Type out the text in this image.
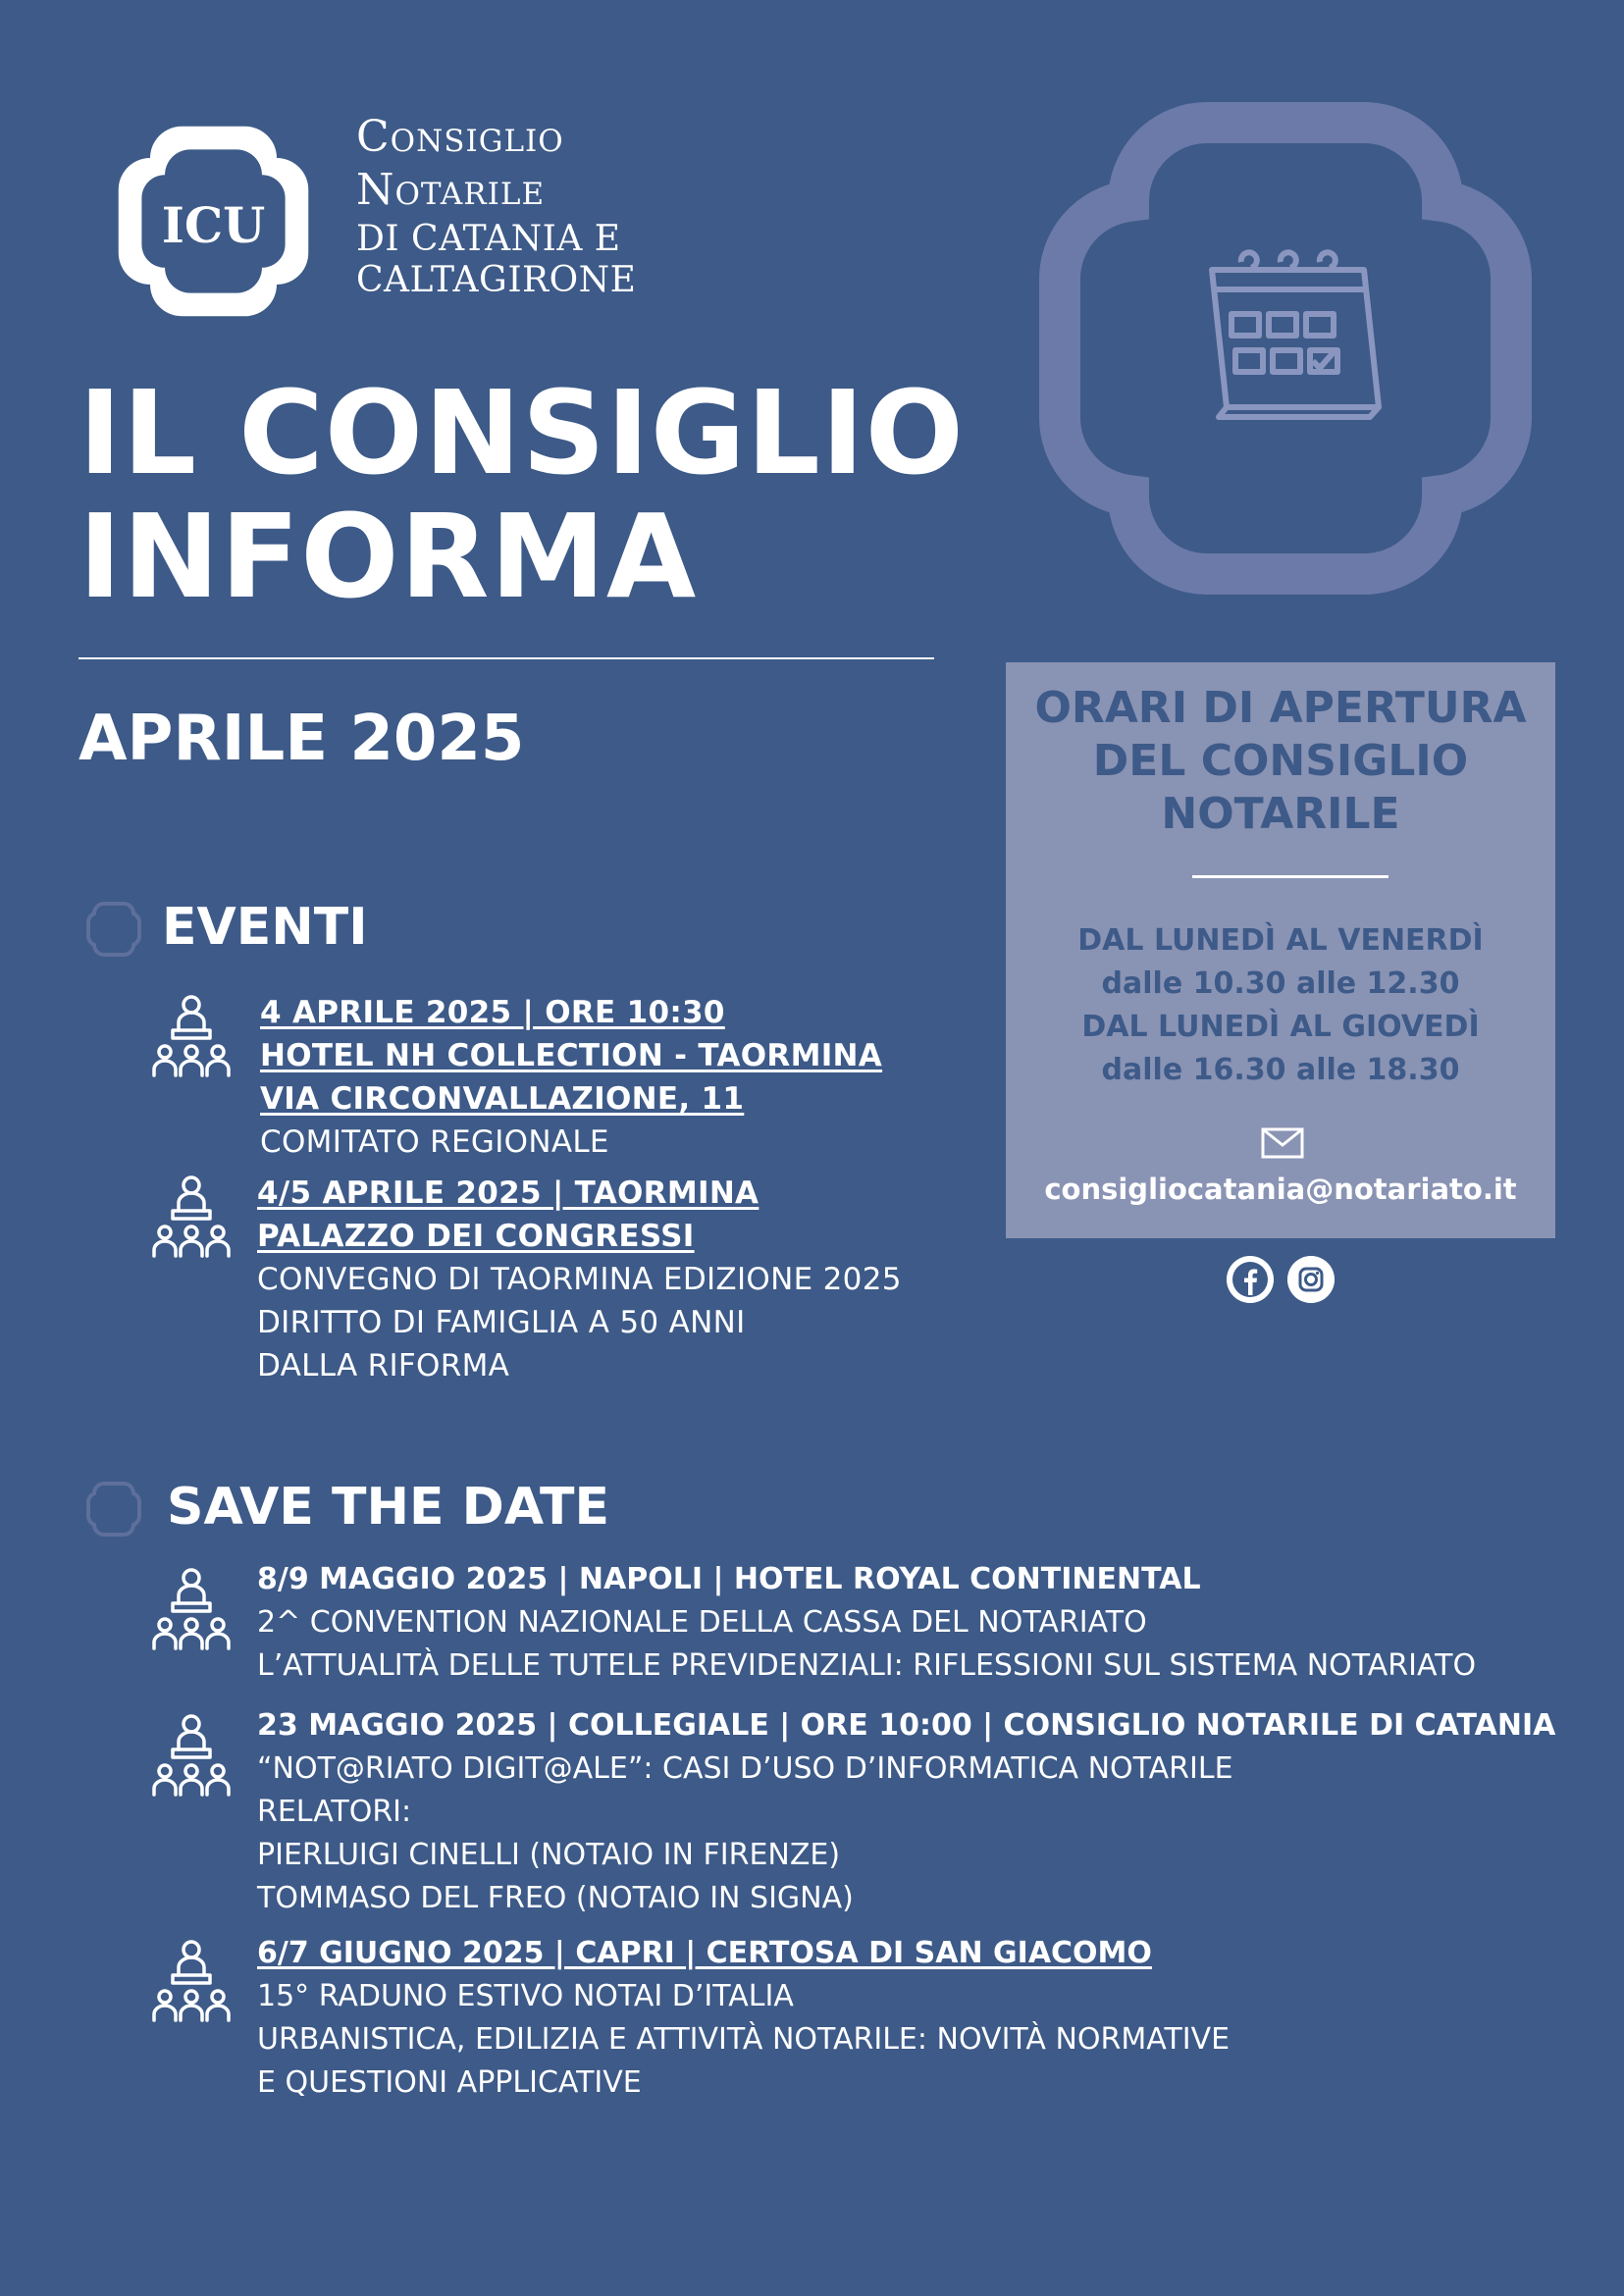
ICU
Consiglio
Notarile
DI CATANIA E
CALTAGIRONE
IL CONSIGLIO
INFORMA
APRILE 2025	ORARI DI APERTURA
DEL CONSIGLIO
NOTARILE
DAL LUNEDÌ AL VENERDÌ
dalle 10.30 alle 12.30
DAL LUNEDÌ AL GIOVEDÌ
dalle 16.30 alle 18.30
consigliocatania@notariato.it
EVENTI
4 APRILE 2025 | ORE 10:30
HOTEL NH COLLECTION - TAORMINA
VIA CIRCONVALLAZIONE, 11
COMITATO REGIONALE
4/5 APRILE 2025 | TAORMINA
PALAZZO DEI CONGRESSI
CONVEGNO DI TAORMINA EDIZIONE 2025
DIRITTO DI FAMIGLIA A 50 ANNI
DALLA RIFORMA
SAVE THE DATE
8/9 MAGGIO 2025 | NAPOLI | HOTEL ROYAL CONTINENTAL
2^ CONVENTION NAZIONALE DELLA CASSA DEL NOTARIATO
L’ATTUALITÀ DELLE TUTELE PREVIDENZIALI: RIFLESSIONI SUL SISTEMA NOTARIATO
23 MAGGIO 2025 | COLLEGIALE | ORE 10:00 | CONSIGLIO NOTARILE DI CATANIA
“NOT@RIATO DIGIT@ALE”: CASI D’USO D’INFORMATICA NOTARILE
RELATORI:
PIERLUIGI CINELLI (NOTAIO IN FIRENZE)
TOMMASO DEL FREO (NOTAIO IN SIGNA)
6/7 GIUGNO 2025 | CAPRI | CERTOSA DI SAN GIACOMO
15° RADUNO ESTIVO NOTAI D’ITALIA
URBANISTICA, EDILIZIA E ATTIVITÀ NOTARILE: NOVITÀ NORMATIVE
E QUESTIONI APPLICATIVE
